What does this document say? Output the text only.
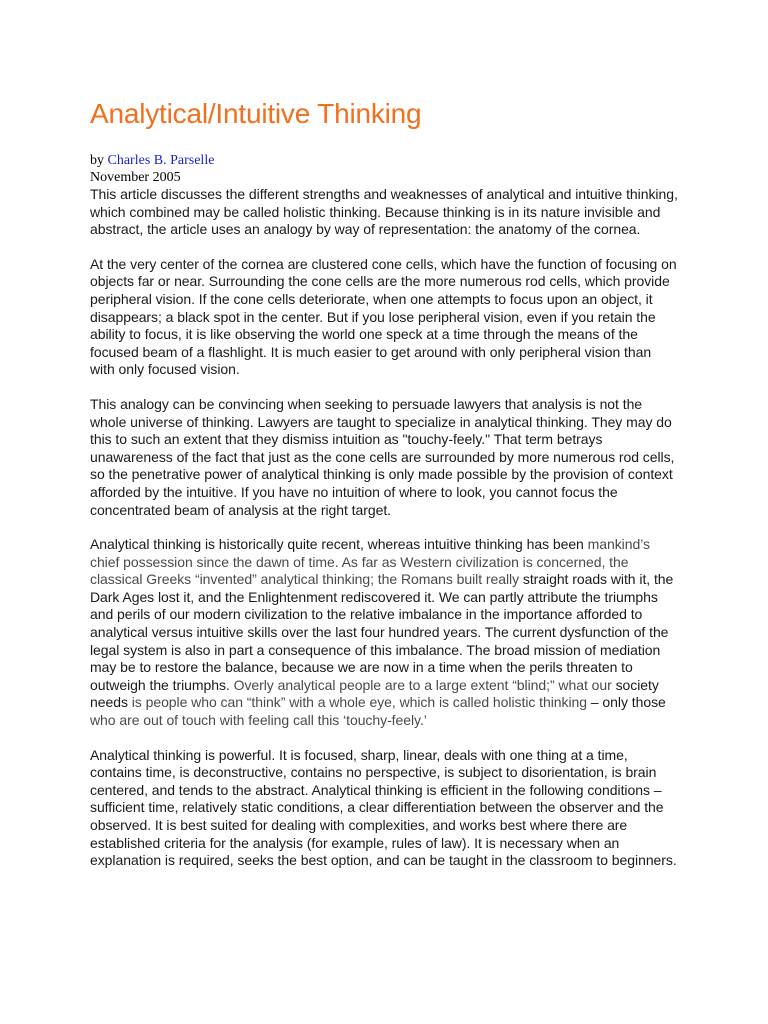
Analytical/Intuitive Thinking
by Charles B. Parselle
November 2005

This article discusses the different strengths and weaknesses of analytical and intuitive thinking, which combined may be called holistic thinking. Because thinking is in its nature invisible and abstract, the article uses an analogy by way of representation: the anatomy of the cornea.

At the very center of the cornea are clustered cone cells, which have the function of focusing on objects far or near. Surrounding the cone cells are the more numerous rod cells, which provide peripheral vision. If the cone cells deteriorate, when one attempts to focus upon an object, it disappears; a black spot in the center. But if you lose peripheral vision, even if you retain the ability to focus, it is like observing the world one speck at a time through the means of the focused beam of a flashlight. It is much easier to get around with only peripheral vision than with only focused vision.

This analogy can be convincing when seeking to persuade lawyers that analysis is not the whole universe of thinking. Lawyers are taught to specialize in analytical thinking. They may do this to such an extent that they dismiss intuition as "touchy-feely." That term betrays unawareness of the fact that just as the cone cells are surrounded by more numerous rod cells, so the penetrative power of analytical thinking is only made possible by the provision of context afforded by the intuitive. If you have no intuition of where to look, you cannot focus the concentrated beam of analysis at the right target.

Analytical thinking is historically quite recent, whereas intuitive thinking has been mankind’s chief possession since the dawn of time. As far as Western civilization is concerned, the classical Greeks “invented” analytical thinking; the Romans built really straight roads with it, the Dark Ages lost it, and the Enlightenment rediscovered it. We can partly attribute the triumphs and perils of our modern civilization to the relative imbalance in the importance afforded to analytical versus intuitive skills over the last four hundred years. The current dysfunction of the legal system is also in part a consequence of this imbalance. The broad mission of mediation may be to restore the balance, because we are now in a time when the perils threaten to outweigh the triumphs. Overly analytical people are to a large extent “blind;” what our society needs is people who can “think” with a whole eye, which is called holistic thinking – only those who are out of touch with feeling call this ‘touchy-feely.’

Analytical thinking is powerful. It is focused, sharp, linear, deals with one thing at a time, contains time, is deconstructive, contains no perspective, is subject to disorientation, is brain centered, and tends to the abstract. Analytical thinking is efficient in the following conditions – sufficient time, relatively static conditions, a clear differentiation between the observer and the observed. It is best suited for dealing with complexities, and works best where there are established criteria for the analysis (for example, rules of law). It is necessary when an explanation is required, seeks the best option, and can be taught in the classroom to beginners.
